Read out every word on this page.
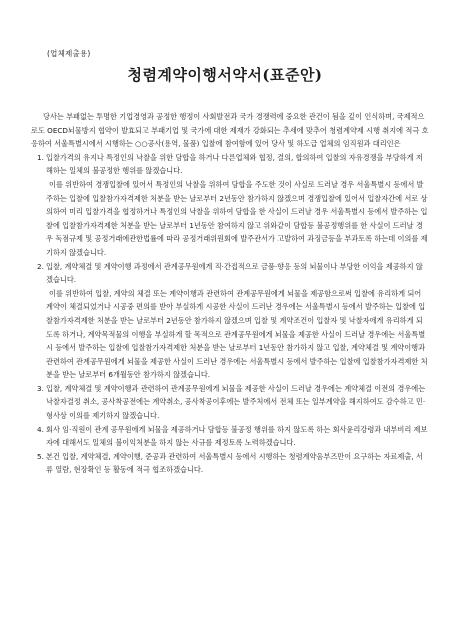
(업체제출용)
청렴계약이행서약서(표준안)

당사는 부패없는 투명한 기업경영과 공정한 행정이 사회발전과 국가 경쟁력에 중요한 관건이 됨을 깊이 인식하며, 국제적으로도 OECD뇌물방지 협약이 발효되고 부패기업 및 국가에 대한 제재가 강화되는 추세에 맞추어 청렴계약제 시행 취지에 적극 호응하여 서울특별시에서 시행하는 ○○공사(용역, 물품) 입찰에 참여함에 있어 당사 및 하도급 업체의 임직원과 대리인은

1. 입찰가격의 유지나 특정인의 낙찰을 위한 담합을 하거나 다른업체와 협정, 결의, 합의하여 입찰의 자유경쟁을 부당하게 저해하는 일체의 불공정한 행위를 않겠습니다.

이를 위반하여 경쟁입찰에 있어서 특정인의 낙찰을 위하여 담합을 주도한 것이 사실로 드러날 경우 서울특별시 등에서 발주하는 입찰에 입찰참가자격제한 처분을 받는 날로부터 2년동안 참가하지 않겠으며 경쟁입찰에 있어서 입찰자간에 서로 상의하여 미리 입찰가격을 협정하거나 특정인의 낙찰을 위하여 담합을 한 사실이 드러날 경우 서울특별시 등에서 발주하는 입찰에 입찰참가자격제한 처분을 받는 날로부터 1년동안 참여하지 않고 위와같이 담합등 불공정행위를 한 사실이 드러날 경우 독점규제 및 공정거래에관한법률에 따라 공정거래위원회에 발주관서가 고발하여 과징금등을 부과토록 하는데 이의를 제기하지 않겠습니다.

2. 입찰, 계약체결 및 계약이행 과정에서 관계공무원에게 직·간접적으로 금품·향응 등의 뇌물이나 부당한 이익을 제공하지 않겠습니다.

이를 위반하여 입찰, 계약의 체결 또는 계약이행과 관련하여 관계공무원에게 뇌물을 제공함으로써 입찰에 유리하게 되어 계약이 체결되었거나 시공중 편의를 받아 부실하게 시공한 사실이 드러난 경우에는 서울특별시 등에서 발주하는 입찰에 입찰참가자격제한 처분을 받는 날로부터 2년동안 참가하지 않겠으며 입찰 및 계약조건이 입찰자 및 낙찰자에게 유리하게 되도록 하거나, 계약목적물의 이행을 부실하게 할 목적으로 관계공무원에게 뇌물을 제공한 사실이 드러날 경우에는 서울특별시 등에서 발주하는 입찰에 입찰참가자격제한 처분을 받는 날로부터 1년동안 참가하지 않고 입찰, 계약체결 및 계약이행과 관련하여 관계공무원에게 뇌물을 제공한 사실이 드러난 경우에는 서울특별시 등에서 발주하는 입찰에 입찰참가자격제한 처분을 받는 날로부터 6개월동안 참가하지 않겠습니다.

3. 입찰, 계약체결 및 계약이행과 관련하여 관계공무원에게 뇌물을 제공한 사실이 드러날 경우에는 계약체결 이전의 경우에는 낙찰자결정 취소, 공사착공전에는 계약취소, 공사착공이후에는 발주처에서 전체 또는 일부계약을 해지하여도 감수하고 민·형사상 이의를 제기하지 않겠습니다.

4. 회사 임·직원이 관계 공무원에게 뇌물을 제공하거나 담합등 불공정 행위를 하지 않도록 하는 회사윤리강령과 내부비리 제보자에 대해서도 일체의 불이익처분을 하지 않는 사규를 제정토록 노력하겠습니다.

5. 본건 입찰, 계약체결, 계약이행, 준공과 관련하여 서울특별시 등에서 시행하는 청렴계약옴부즈만이 요구하는 자료제출, 서류 열람, 현장확인 등 활동에 적극 협조하겠습니다.
